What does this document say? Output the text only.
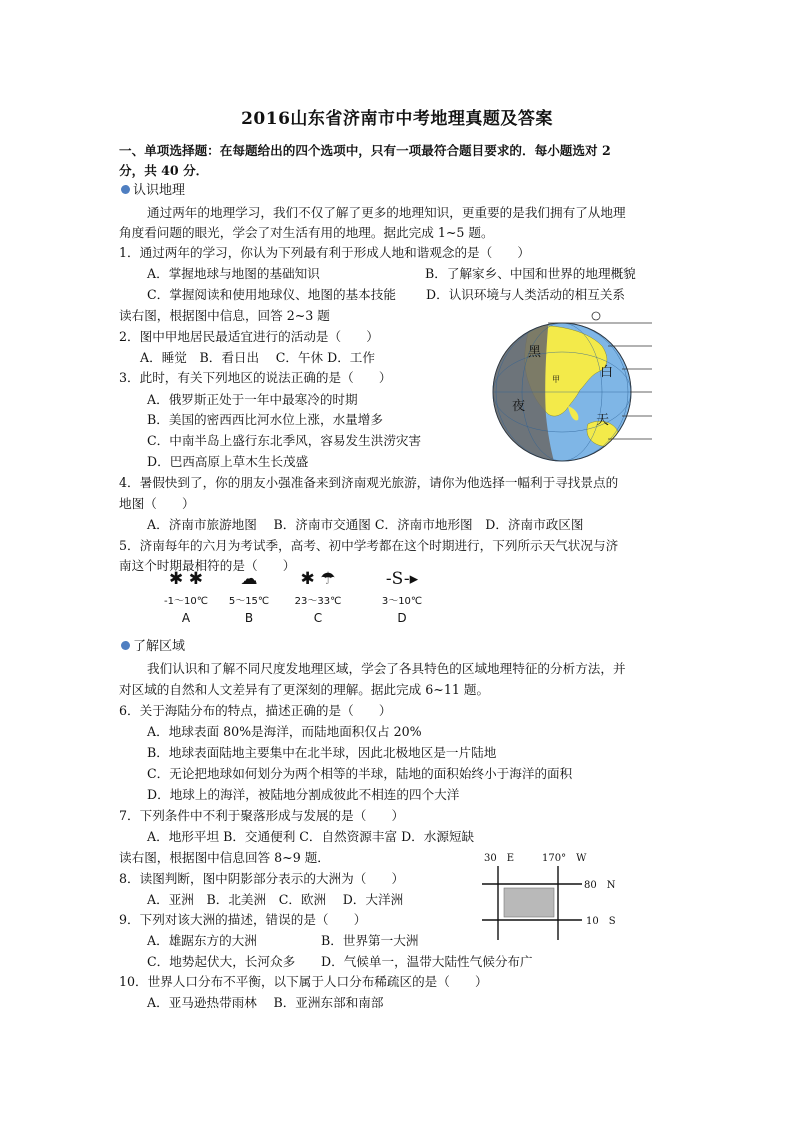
2016山东省济南市中考地理真题及答案
一、单项选择题：在每题给出的四个选项中，只有一项最符合题目要求的．每小题选对 2
分，共 40 分．
认识地理
通过两年的地理学习，我们不仅了解了更多的地理知识，更重要的是我们拥有了从地理
角度看问题的眼光，学会了对生活有用的地理。据此完成 1~5 题。
1．通过两年的学习，你认为下列最有利于形成人地和谐观念的是（　　）
A．掌握地球与地图的基础知识	B．了解家乡、中国和世界的地理概貌
C．掌握阅读和使用地球仪、地图的基本技能 D．认识环境与人类活动的相互关系
读右图，根据图中信息，回答 2~3 题
2．图中甲地居民最适宜进行的活动是（　　）
A．睡觉　B．看日出　 C．午休 D．工作
3．此时，有关下列地区的说法正确的是（　　）
A．俄罗斯正处于一年中最寒冷的时期
B．美国的密西西比河水位上涨，水量增多
C．中南半岛上盛行东北季风，容易发生洪涝灾害
D．巴西高原上草木生长茂盛
黑
夜
白
天
甲
4．暑假快到了，你的朋友小强准备来到济南观光旅游，请你为他选择一幅利于寻找景点的
地图（　　）
A．济南市旅游地图　 B．济南市交通图 C．济南市地形图　D．济南市政区图
5．济南每年的六月为考试季，高考、初中学考都在这个时期进行，下列所示天气状况与济
南这个时期最相符的是（　　）
✱ ✱
-1～10℃
A
☁
5～15℃
B
✱ ☂
23～33℃
C
-S-▸
3～10℃
D
了解区域
我们认识和了解不同尺度发地理区域，学会了各具特色的区域地理特征的分析方法，并
对区域的自然和人文差异有了更深刻的理解。据此完成 6~11 题。
6．关于海陆分布的特点，描述正确的是（　　）
A．地球表面 80%是海洋，而陆地面积仅占 20%
B．地球表面陆地主要集中在北半球，因此北极地区是一片陆地
C．无论把地球如何划分为两个相等的半球，陆地的面积始终小于海洋的面积
D．地球上的海洋，被陆地分割成彼此不相连的四个大洋
7．下列条件中不利于聚落形成与发展的是（　　）
A．地形平坦 B．交通便利 C．自然资源丰富 D．水源短缺
读右图，根据图中信息回答 8~9 题．	30　E	170°　W
80　N
10　S
8．读图判断，图中阴影部分表示的大洲为（　　）
A．亚洲　B．北美洲　C．欧洲　 D．大洋洲
9．下列对该大洲的描述，错误的是（　　）
A．雄踞东方的大洲	B．世界第一大洲
C．地势起伏大，长河众多 D．气候单一，温带大陆性气候分布广
10．世界人口分布不平衡，以下属于人口分布稀疏区的是（　　）
A．亚马逊热带雨林　 B．亚洲东部和南部
